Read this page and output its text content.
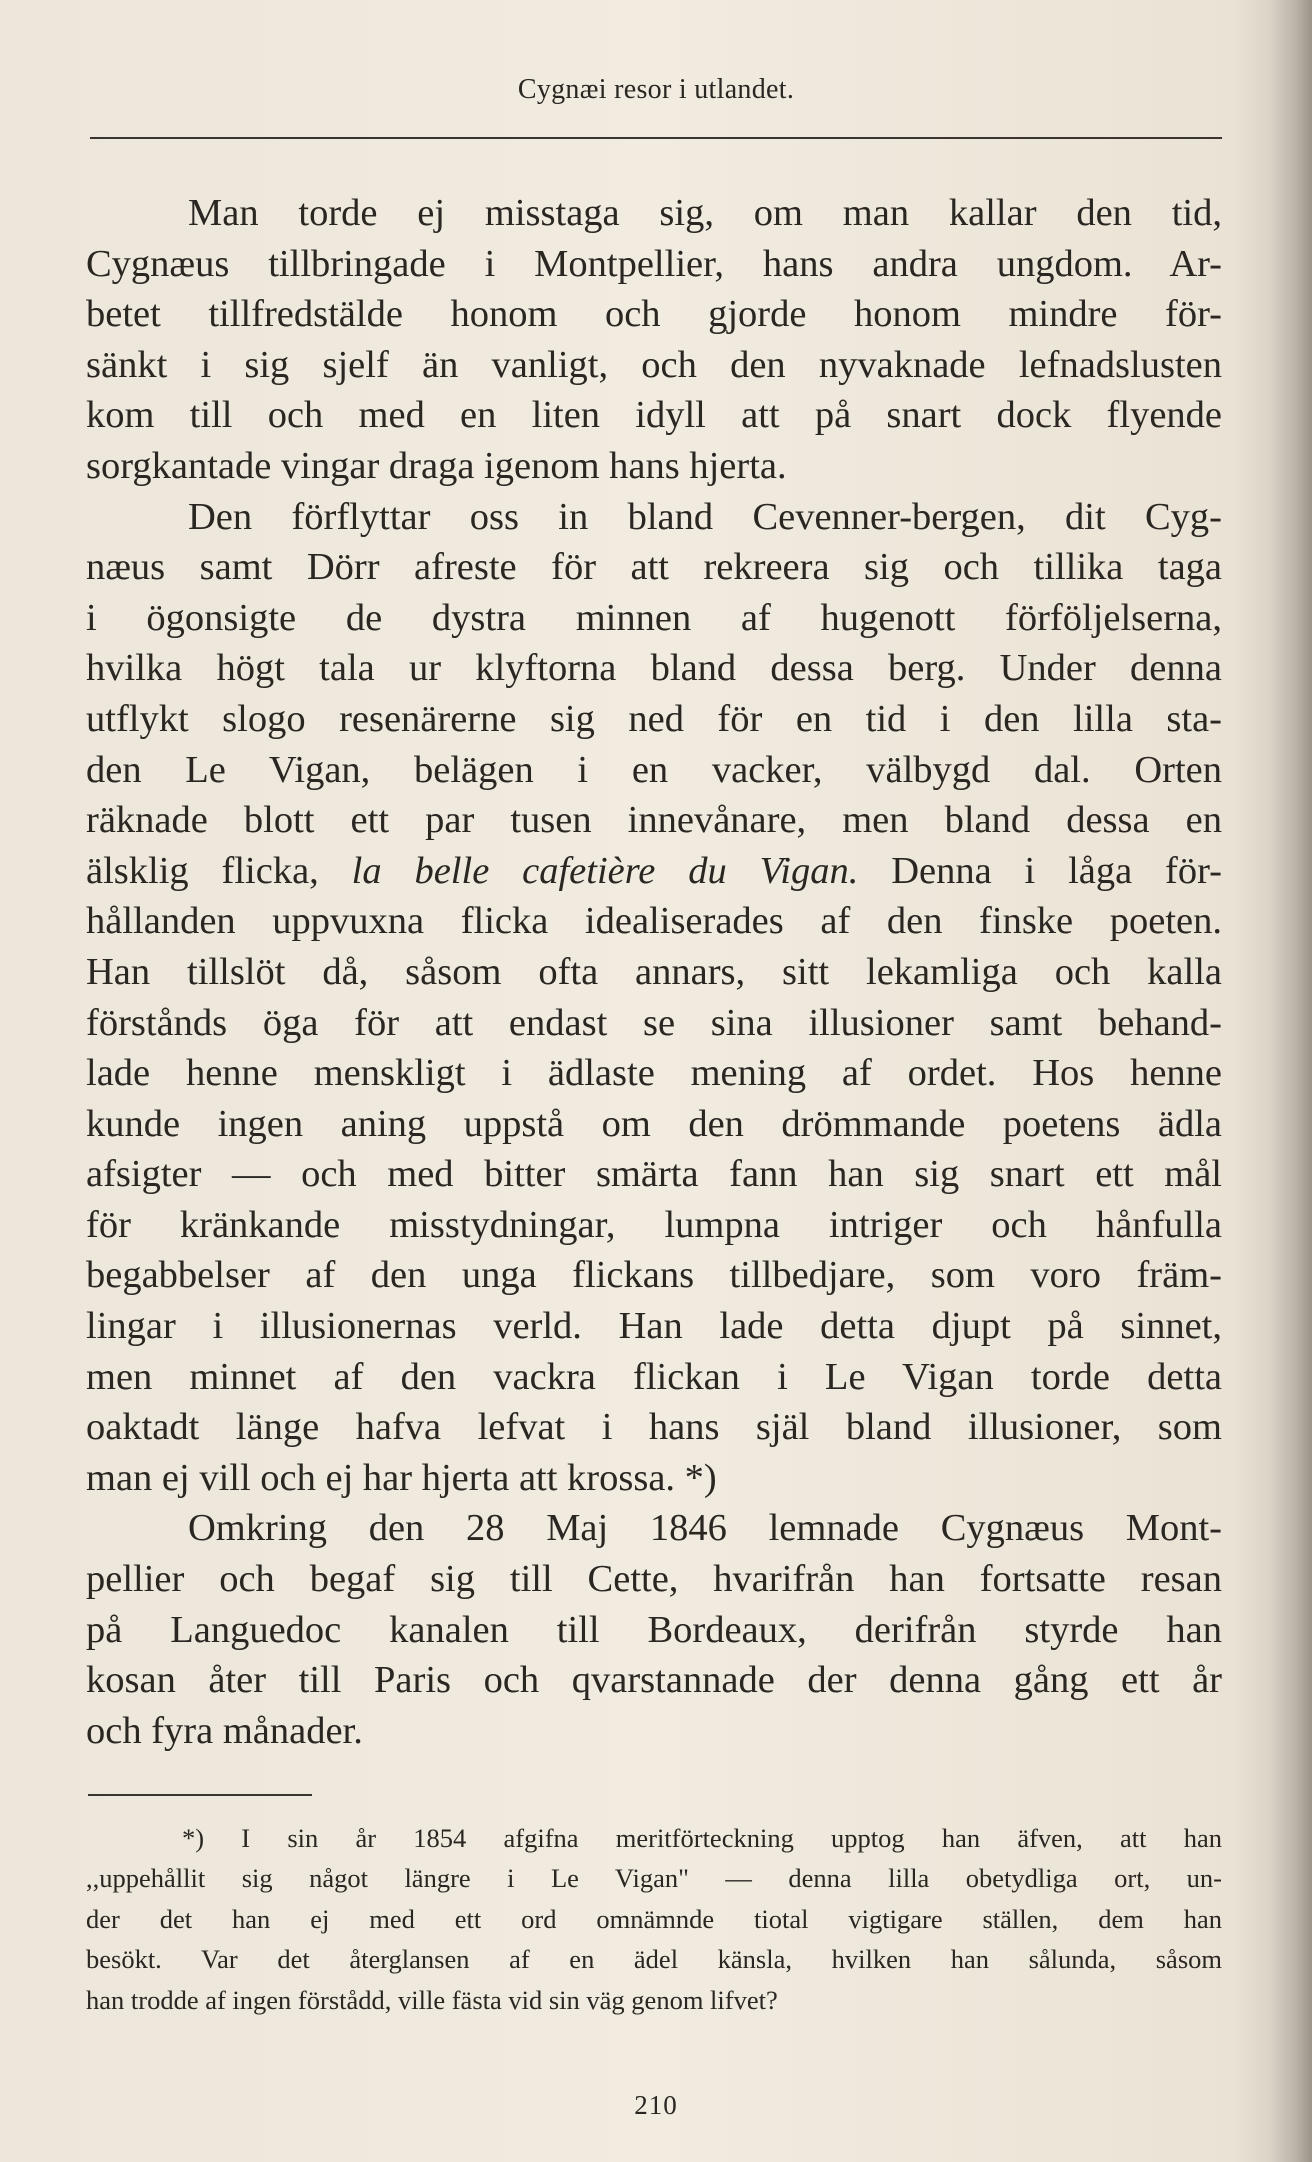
Cygnæi resor i utlandet.
Man torde ej misstaga sig, om man kallar den tid,
Cygnæus tillbringade i Montpellier, hans andra ungdom. Ar-
betet tillfredstälde honom och gjorde honom mindre för-
sänkt i sig sjelf än vanligt, och den nyvaknade lefnadslusten
kom till och med en liten idyll att på snart dock flyende
sorgkantade vingar draga igenom hans hjerta.
Den förflyttar oss in bland Cevenner-bergen, dit Cyg-
næus samt Dörr afreste för att rekreera sig och tillika taga
i ögonsigte de dystra minnen af hugenott förföljelserna,
hvilka högt tala ur klyftorna bland dessa berg. Under denna
utflykt slogo resenärerne sig ned för en tid i den lilla sta-
den Le Vigan, belägen i en vacker, välbygd dal. Orten
räknade blott ett par tusen innevånare, men bland dessa en
älsklig flicka, la belle cafetière du Vigan. Denna i låga för-
hållanden uppvuxna flicka idealiserades af den finske poeten.
Han tillslöt då, såsom ofta annars, sitt lekamliga och kalla
förstånds öga för att endast se sina illusioner samt behand-
lade henne menskligt i ädlaste mening af ordet. Hos henne
kunde ingen aning uppstå om den drömmande poetens ädla
afsigter — och med bitter smärta fann han sig snart ett mål
för kränkande misstydningar, lumpna intriger och hånfulla
begabbelser af den unga flickans tillbedjare, som voro främ-
lingar i illusionernas verld. Han lade detta djupt på sinnet,
men minnet af den vackra flickan i Le Vigan torde detta
oaktadt länge hafva lefvat i hans själ bland illusioner, som
man ej vill och ej har hjerta att krossa. *)
Omkring den 28 Maj 1846 lemnade Cygnæus Mont-
pellier och begaf sig till Cette, hvarifrån han fortsatte resan
på Languedoc kanalen till Bordeaux, derifrån styrde han
kosan åter till Paris och qvarstannade der denna gång ett år
och fyra månader.
*) I sin år 1854 afgifna meritförteckning upptog han äfven, att han
,,uppehållit sig något längre i Le Vigan" — denna lilla obetydliga ort, un-
der det han ej med ett ord omnämnde tiotal vigtigare ställen, dem han
besökt. Var det återglansen af en ädel känsla, hvilken han sålunda, såsom
han trodde af ingen förstådd, ville fästa vid sin väg genom lifvet?
210
